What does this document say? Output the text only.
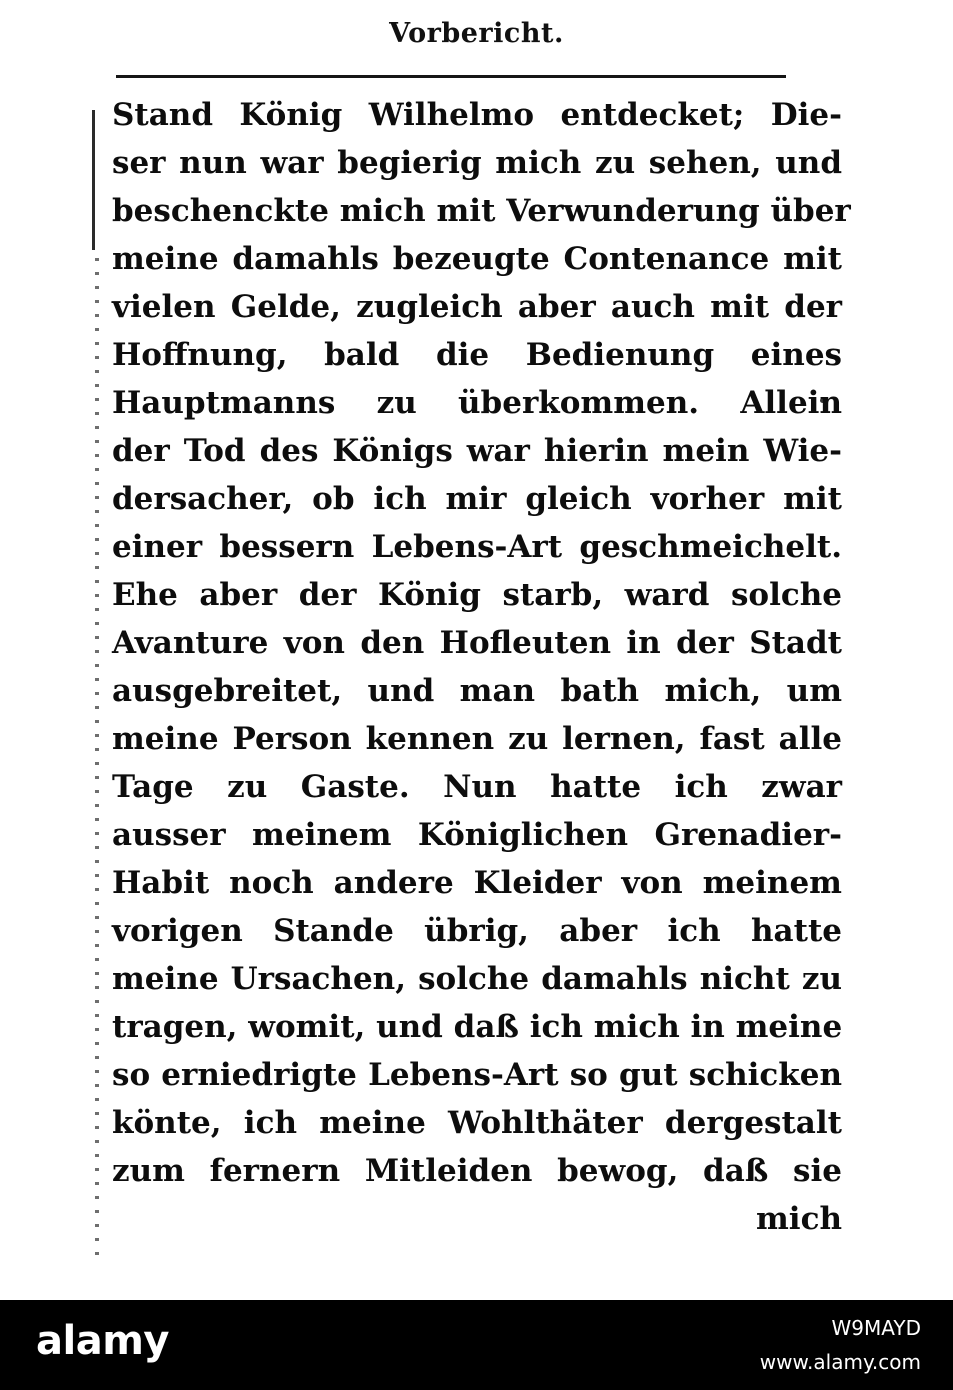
Vorbericht.
Stand König Wilhelmo entdecket; Die-
ser nun war begierig mich zu sehen, und
beschenckte mich mit Verwunderung über
meine damahls bezeugte Contenance mit
vielen Gelde, zugleich aber auch mit der
Hoffnung, bald die Bedienung eines
Hauptmanns zu überkommen. Allein
der Tod des Königs war hierin mein Wie-
dersacher, ob ich mir gleich vorher mit
einer bessern Lebens-Art geschmeichelt.
Ehe aber der König starb, ward solche
Avanture von den Hofleuten in der Stadt
ausgebreitet, und man bath mich, um
meine Person kennen zu lernen, fast alle
Tage zu Gaste. Nun hatte ich zwar
ausser meinem Königlichen Grenadier-
Habit noch andere Kleider von meinem
vorigen Stande übrig, aber ich hatte
meine Ursachen, solche damahls nicht zu
tragen, womit, und daß ich mich in meine
so erniedrigte Lebens-Art so gut schicken
könte, ich meine Wohlthäter dergestalt
zum fernern Mitleiden bewog, daß sie
mich
alamy	W9MAYD
www.alamy.com
